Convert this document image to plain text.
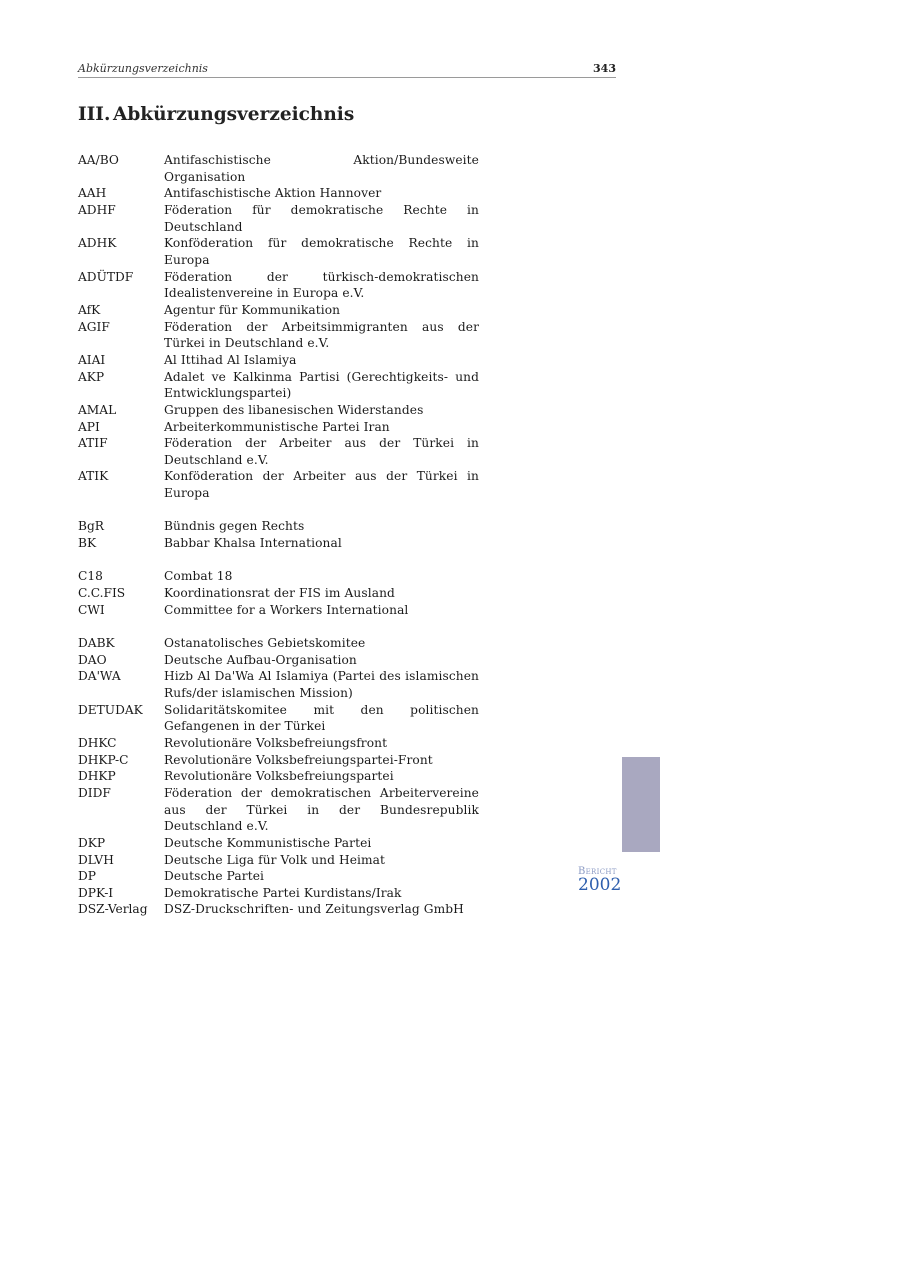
Abkürzungsverzeichnis	343
III. Abkürzungsverzeichnis
AA/BO	Antifaschistische Aktion/Bundesweite Organisation
AAH	Antifaschistische Aktion Hannover
ADHF	Föderation für demokratische Rechte in Deutschland
ADHK	Konföderation für demokratische Rechte in Europa
ADÜTDF	Föderation der türkisch-demokratischen Idealistenvereine in Europa e.V.
AfK	Agentur für Kommunikation
AGIF	Föderation der Arbeitsimmigranten aus der Türkei in Deutschland e.V.
AIAI	Al Ittihad Al Islamiya
AKP	Adalet ve Kalkinma Partisi (Gerechtigkeits- und Entwicklungspartei)
AMAL	Gruppen des libanesischen Widerstandes
API	Arbeiterkommunistische Partei Iran
ATIF	Föderation der Arbeiter aus der Türkei in Deutschland e.V.
ATIK	Konföderation der Arbeiter aus der Türkei in Europa
BgR	Bündnis gegen Rechts
BK	Babbar Khalsa International
C18	Combat 18
C.C.FIS	Koordinationsrat der FIS im Ausland
CWI	Committee for a Workers International
DABK	Ostanatolisches Gebietskomitee
DAO	Deutsche Aufbau-Organisation
DA'WA	Hizb Al Da'Wa Al Islamiya (Partei des islamischen Rufs/der islamischen Mission)
DETUDAK	Solidaritätskomitee mit den politischen Gefangenen in der Türkei
DHKC	Revolutionäre Volksbefreiungsfront
DHKP-C	Revolutionäre Volksbefreiungspartei-Front
DHKP	Revolutionäre Volksbefreiungspartei
DIDF	Föderation der demokratischen Arbeitervereine aus der Türkei in der Bundesrepublik Deutschland e.V.
DKP	Deutsche Kommunistische Partei
DLVH	Deutsche Liga für Volk und Heimat
DP	Deutsche Partei
DPK-I	Demokratische Partei Kurdistans/Irak
DSZ-Verlag	DSZ-Druckschriften- und Zeitungsverlag GmbH
Bericht
2002
